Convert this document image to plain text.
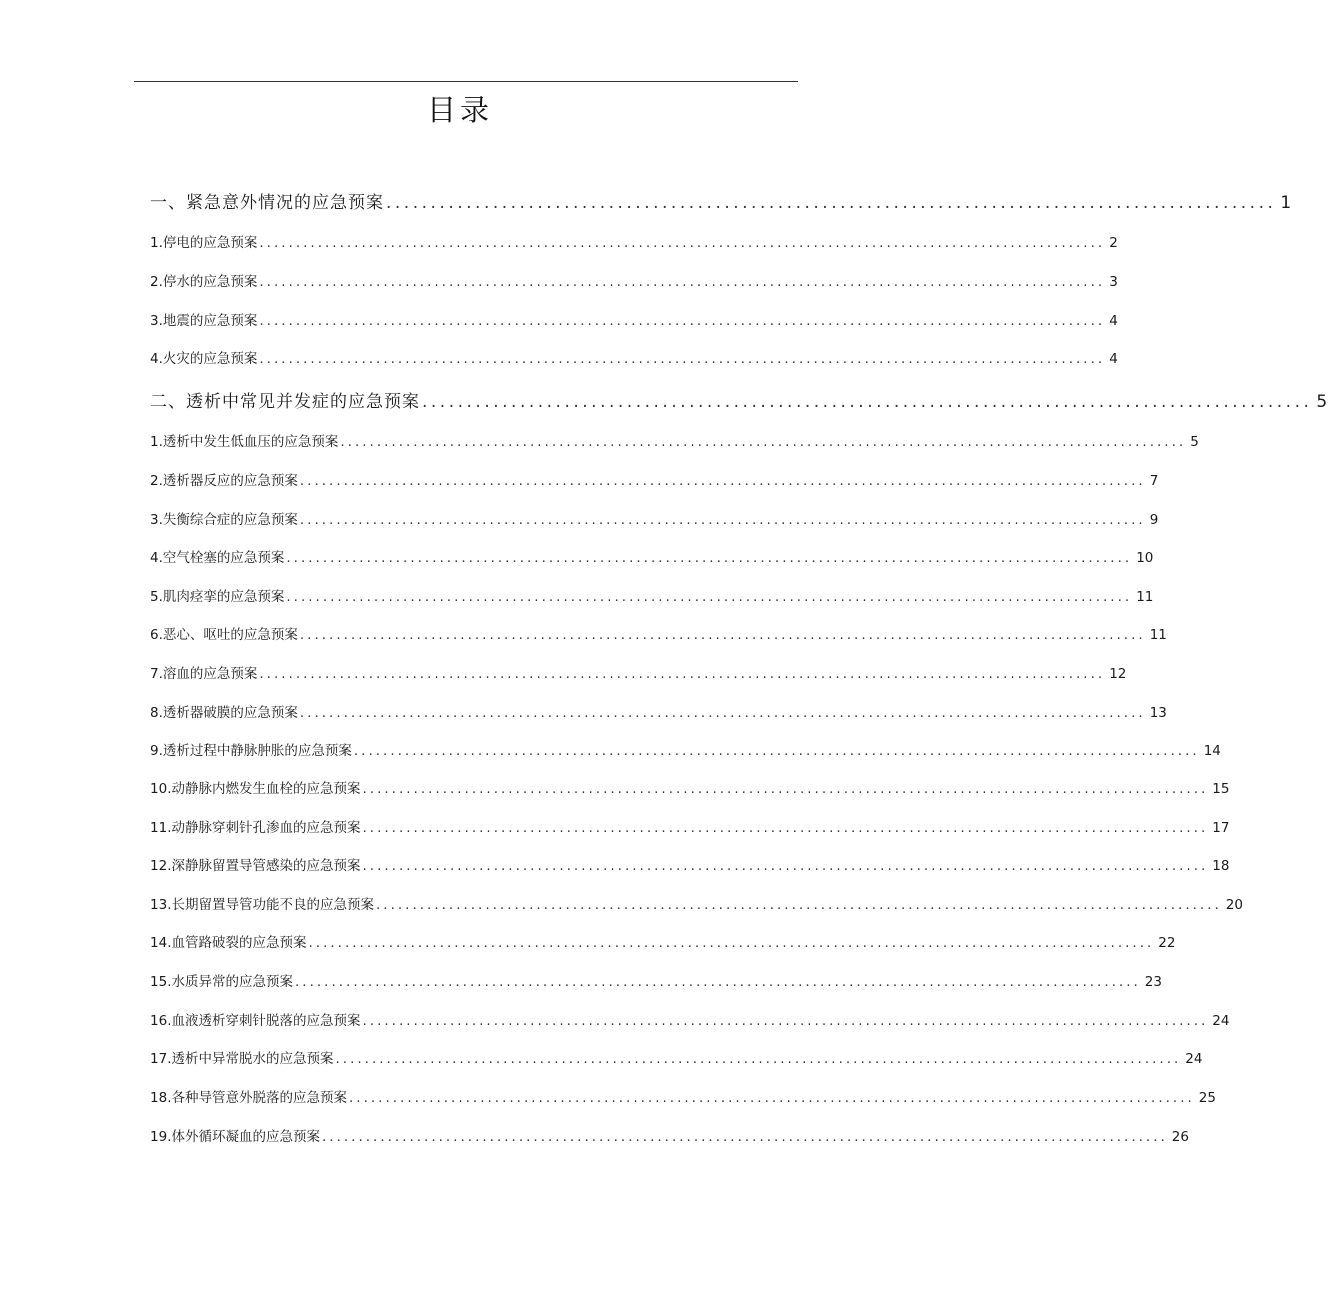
目录
一、 紧急意外情况的应急预案 .................................................................................................... 1
1 .停电的应急预案 .................................................................................................................... 2
2 .停水的应急预案 .................................................................................................................... 3
3 .地震的应急预案 .................................................................................................................... 4
4 .火灾的应急预案 .................................................................................................................... 4
二、 透析中常见并发症的应急预案 .................................................................................................... 5
1 .透析中发生低血压的应急预案 .................................................................................................................... 5
2 .透析器反应的应急预案 .................................................................................................................... 7
3 .失衡综合症的应急预案 .................................................................................................................... 9
4 .空气栓塞的应急预案 .................................................................................................................... 10
5 .肌肉痉挛的应急预案 .................................................................................................................... 11
6 .恶心、呕吐的应急预案 .................................................................................................................... 11
7 .溶血的应急预案 .................................................................................................................... 12
8 .透析器破膜的应急预案 .................................................................................................................... 13
9 .透析过程中静脉肿胀的应急预案 .................................................................................................................... 14
10 .动静脉内燃发生血栓的应急预案 .................................................................................................................... 15
11 .动静脉穿刺针孔渗血的应急预案 .................................................................................................................... 17
12 .深静脉留置导管感染的应急预案 .................................................................................................................... 18
13 .长期留置导管功能不良的应急预案 .................................................................................................................... 20
14 .血管路破裂的应急预案 .................................................................................................................... 22
15 .水质异常的应急预案 .................................................................................................................... 23
16 .血液透析穿刺针脱落的应急预案 .................................................................................................................... 24
17 .透析中异常脱水的应急预案 .................................................................................................................... 24
18 .各种导管意外脱落的应急预案 .................................................................................................................... 25
19 .体外循环凝血的应急预案 .................................................................................................................... 26
